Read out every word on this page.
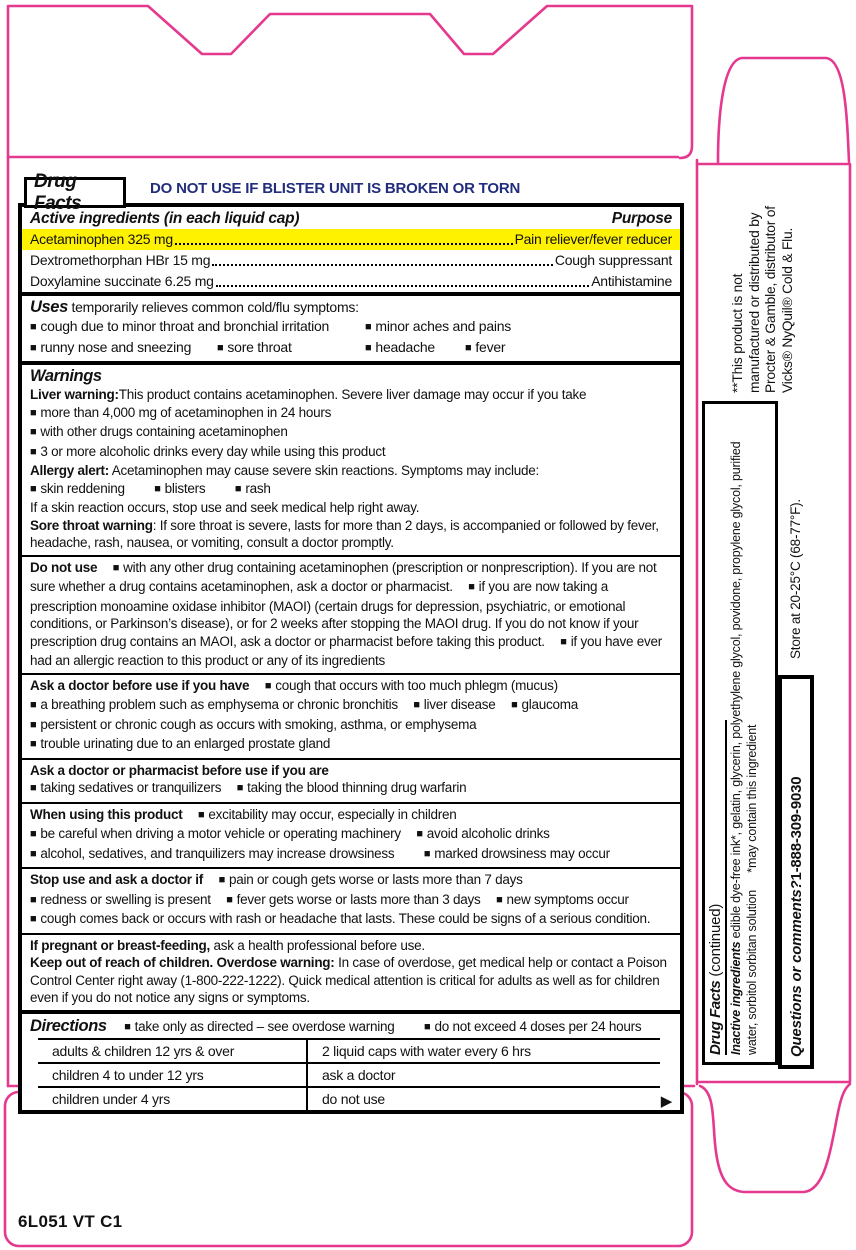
Drug Facts
DO NOT USE IF BLISTER UNIT IS BROKEN OR TORN
Active ingredients (in each liquid cap)	Purpose
Acetaminophen 325 mg	Pain reliever/fever reducer
Dextromethorphan HBr 15 mg	Cough suppressant
Doxylamine succinate 6.25 mg	Antihistamine
Uses temporarily relieves common cold/flu symptoms:
■ cough due to minor throat and bronchial irritation	■ minor aches and pains
■ runny nose and sneezing	■ sore throat	■ headache	■ fever
Warnings

Liver warning:This product contains acetaminophen. Severe liver damage may occur if you take
■ more than 4,000 mg of acetaminophen in 24 hours
■ with other drugs containing acetaminophen
■ 3 or more alcoholic drinks every day while using this product

Allergy alert: Acetaminophen may cause severe skin reactions. Symptoms may include:
■ skin reddening	■ blisters	■ rash
If a skin reaction occurs, stop use and seek medical help right away.

Sore throat warning: If sore throat is severe, lasts for more than 2 days, is accompanied or followed by fever, headache, rash, nausea, or vomiting, consult a doctor promptly.

Do not use ■ with any other drug containing acetaminophen (prescription or nonprescription). If you are not sure whether a drug contains acetaminophen, ask a doctor or pharmacist. ■ if you are now taking a prescription monoamine oxidase inhibitor (MAOI) (certain drugs for depression, psychiatric, or emotional conditions, or Parkinson’s disease), or for 2 weeks after stopping the MAOI drug. If you do not know if your prescription drug contains an MAOI, ask a doctor or pharmacist before taking this product. ■ if you have ever had an allergic reaction to this product or any of its ingredients

Ask a doctor before use if you have ■ cough that occurs with too much phlegm (mucus)
■ a breathing problem such as emphysema or chronic bronchitis ■ liver disease ■ glaucoma
■ persistent or chronic cough as occurs with smoking, asthma, or emphysema
■ trouble urinating due to an enlarged prostate gland

Ask a doctor or pharmacist before use if you are
■ taking sedatives or tranquilizers ■ taking the blood thinning drug warfarin

When using this product ■ excitability may occur, especially in children
■ be careful when driving a motor vehicle or operating machinery ■ avoid alcoholic drinks
■ alcohol, sedatives, and tranquilizers may increase drowsiness	■ marked drowsiness may occur

Stop use and ask a doctor if ■ pain or cough gets worse or lasts more than 7 days
■ redness or swelling is present ■ fever gets worse or lasts more than 3 days ■ new symptoms occur
■ cough comes back or occurs with rash or headache that lasts. These could be signs of a serious condition.

If pregnant or breast-feeding, ask a health professional before use.
Keep out of reach of children. Overdose warning: In case of overdose, get medical help or contact a Poison Control Center right away (1-800-222-1222). Quick medical attention is critical for adults as well as for children even if you do not notice any signs or symptoms.

Directions ■ take only as directed – see overdose warning	■ do not exceed 4 doses per 24 hours
adults & children 12 yrs & over	2 liquid caps with water every 6 hrs
children 4 to under 12 yrs	ask a doctor
children under 4 yrs	do not use	▶
Drug Facts (continued) Inactive ingredients edible dye-free ink*, gelatin, glycerin, polyethylene glycol, povidone, propylene glycol, purified water, sorbitol sorbitan solution *may contain this ingredient

Questions or comments?1-888-309-9030
Store at 20-25°C (68-77°F).
**This product is not manufactured or distributed by Procter & Gamble, distributor of Vicks® NyQuil® Cold & Flu.
6L051 VT C1
